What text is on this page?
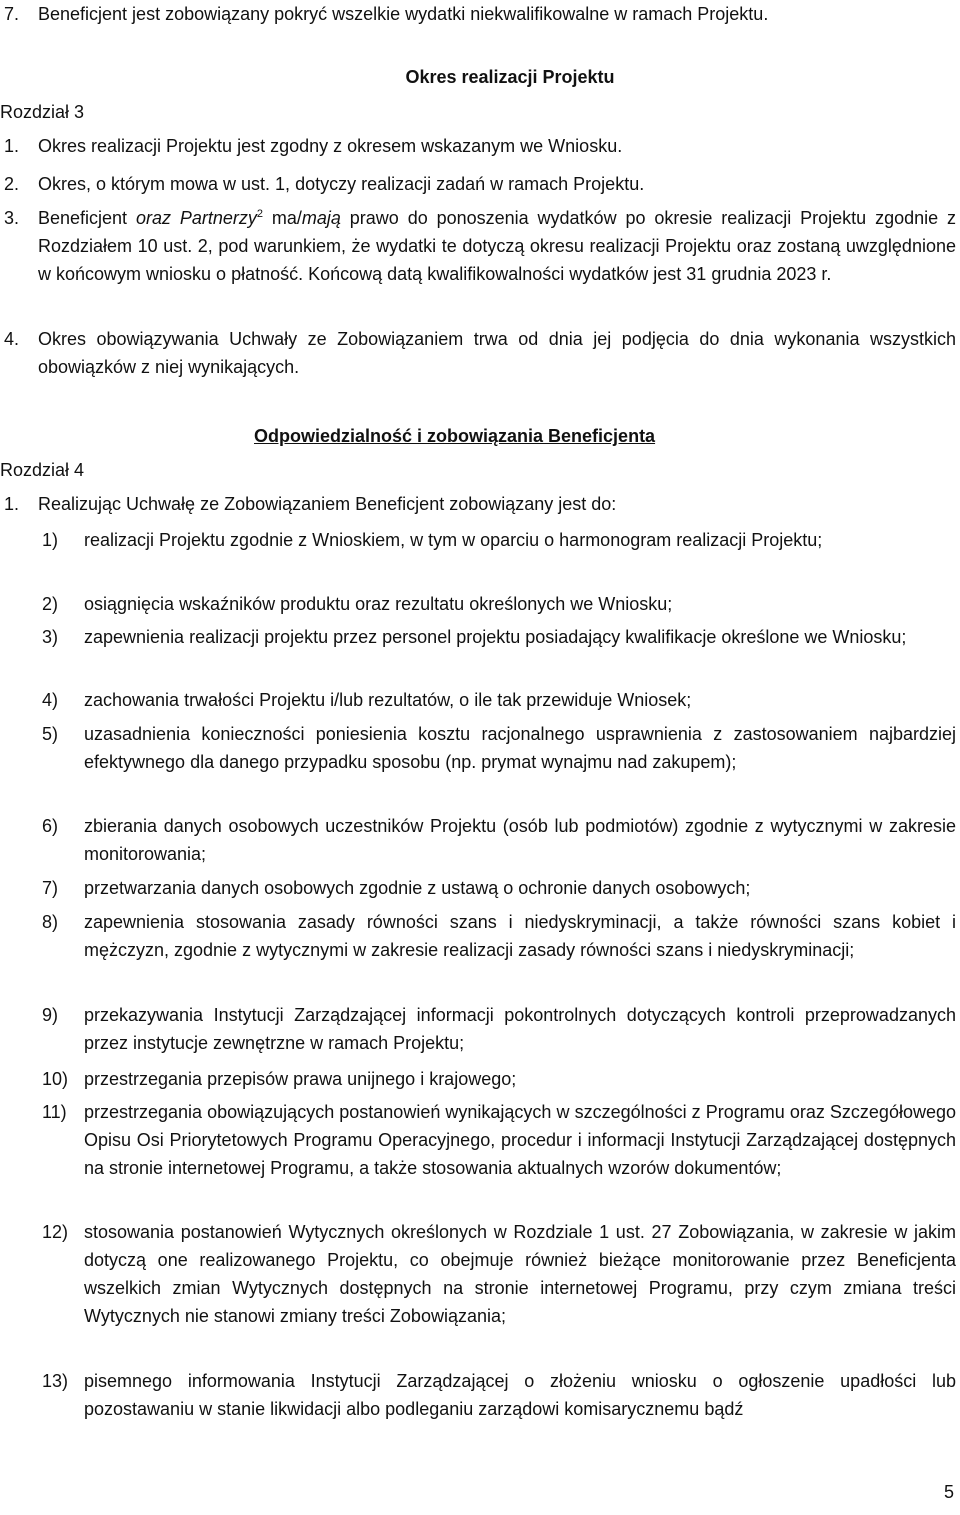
7. Beneficjent jest zobowiązany pokryć wszelkie wydatki niekwalifikowalne w ramach Projektu.
Okres realizacji Projektu
Rozdział 3
1. Okres realizacji Projektu jest zgodny z okresem wskazanym we Wniosku.
2. Okres, o którym mowa w ust. 1, dotyczy realizacji zadań w ramach Projektu.
3. Beneficjent oraz Partnerzy$^2$ ma/mają prawo do ponoszenia wydatków po okresie realizacji Projektu zgodnie z Rozdziałem 10 ust. 2, pod warunkiem, że wydatki te dotyczą okresu realizacji Projektu oraz zostaną uwzględnione w końcowym wniosku o płatność. Końcową datą kwalifikowalności wydatków jest 31 grudnia 2023 r.
4. Okres obowiązywania Uchwały ze Zobowiązaniem trwa od dnia jej podjęcia do dnia wykonania wszystkich obowiązków z niej wynikających.
Odpowiedzialność i zobowiązania Beneficjenta
Rozdział 4
1. Realizując Uchwałę ze Zobowiązaniem Beneficjent zobowiązany jest do:
1) realizacji Projektu zgodnie z Wnioskiem, w tym w oparciu o harmonogram realizacji Projektu;
2) osiągnięcia wskaźników produktu oraz rezultatu określonych we Wniosku;
3) zapewnienia realizacji projektu przez personel projektu posiadający kwalifikacje określone we Wniosku;
4) zachowania trwałości Projektu i/lub rezultatów, o ile tak przewiduje Wniosek;
5) uzasadnienia konieczności poniesienia kosztu racjonalnego usprawnienia z zastosowaniem najbardziej efektywnego dla danego przypadku sposobu (np. prymat wynajmu nad zakupem);
6) zbierania danych osobowych uczestników Projektu (osób lub podmiotów) zgodnie z wytycznymi w zakresie monitorowania;
7) przetwarzania danych osobowych zgodnie z ustawą o ochronie danych osobowych;
8) zapewnienia stosowania zasady równości szans i niedyskryminacji, a także równości szans kobiet i mężczyzn, zgodnie z wytycznymi w zakresie realizacji zasady równości szans i niedyskryminacji;
9) przekazywania Instytucji Zarządzającej informacji pokontrolnych dotyczących kontroli przeprowadzanych przez instytucje zewnętrzne w ramach Projektu;
10) przestrzegania przepisów prawa unijnego i krajowego;
11) przestrzegania obowiązujących postanowień wynikających w szczególności z Programu oraz Szczegółowego Opisu Osi Priorytetowych Programu Operacyjnego, procedur i informacji Instytucji Zarządzającej dostępnych na stronie internetowej Programu, a także stosowania aktualnych wzorów dokumentów;
12) stosowania postanowień Wytycznych określonych w Rozdziale 1 ust. 27 Zobowiązania, w zakresie w jakim dotyczą one realizowanego Projektu, co obejmuje również bieżące monitorowanie przez Beneficjenta wszelkich zmian Wytycznych dostępnych na stronie internetowej Programu, przy czym zmiana treści Wytycznych nie stanowi zmiany treści Zobowiązania;
13) pisemnego informowania Instytucji Zarządzającej o złożeniu wniosku o ogłoszenie upadłości lub pozostawaniu w stanie likwidacji albo podleganiu zarządowi komisarycznemu bądź
5
